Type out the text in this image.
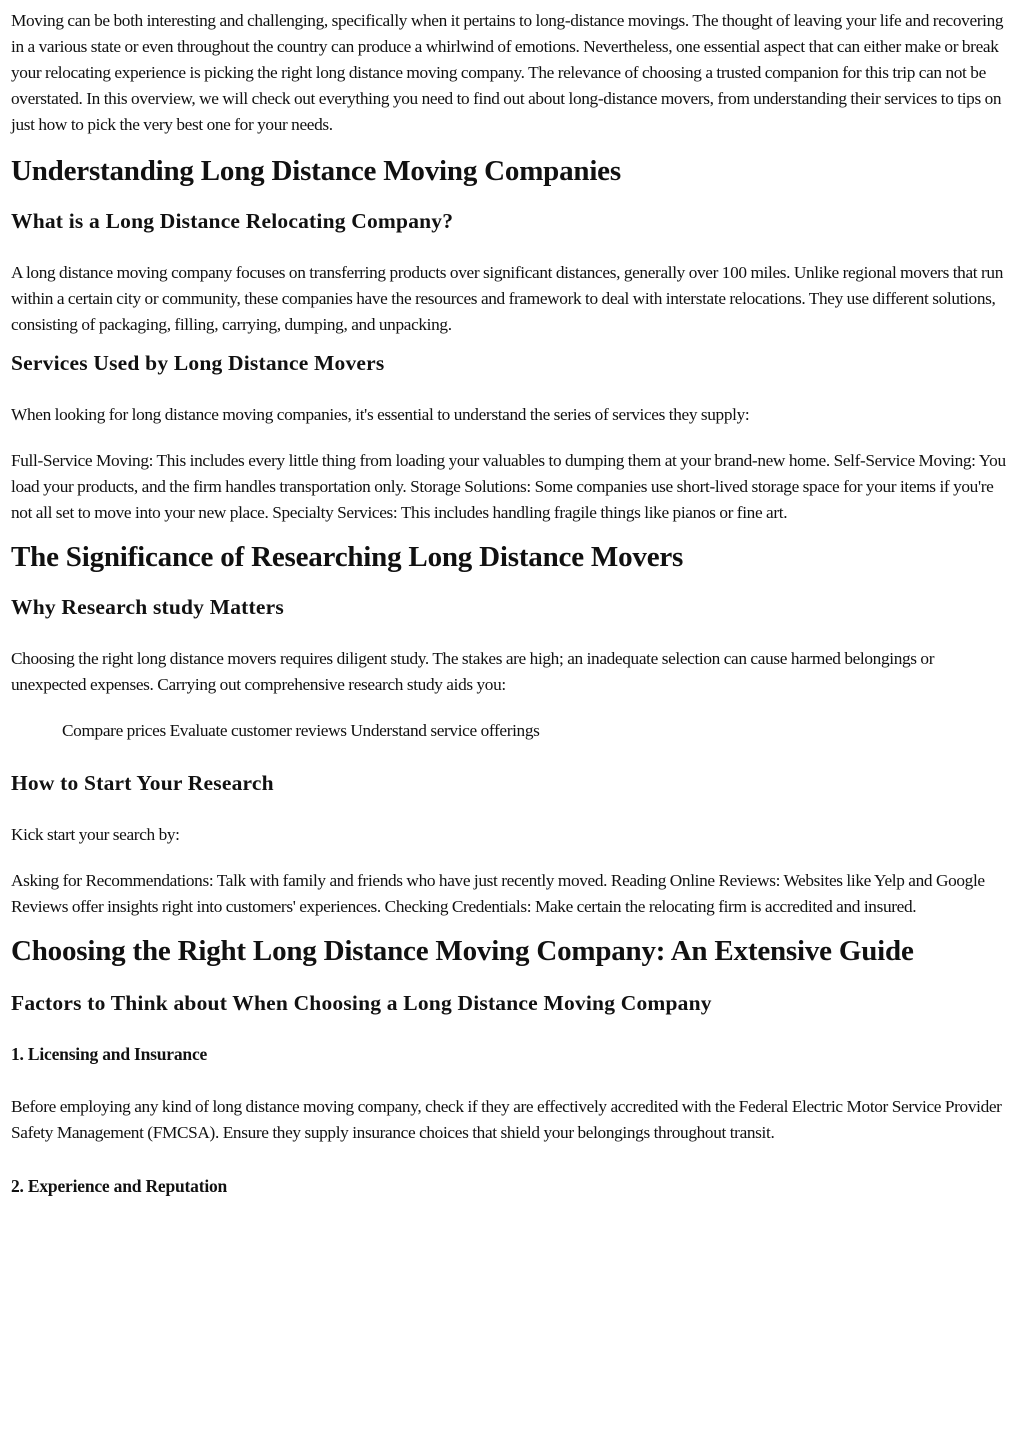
Moving can be both interesting and challenging, specifically when it pertains to long-distance movings. The thought of leaving your life and recovering in a various state or even throughout the country can produce a whirlwind of emotions. Nevertheless, one essential aspect that can either make or break your relocating experience is picking the right long distance moving company. The relevance of choosing a trusted companion for this trip can not be overstated. In this overview, we will check out everything you need to find out about long-distance movers, from understanding their services to tips on just how to pick the very best one for your needs.

Understanding Long Distance Moving Companies
What is a Long Distance Relocating Company?

A long distance moving company focuses on transferring products over significant distances, generally over 100 miles. Unlike regional movers that run within a certain city or community, these companies have the resources and framework to deal with interstate relocations. They use different solutions, consisting of packaging, filling, carrying, dumping, and unpacking.

Services Used by Long Distance Movers

When looking for long distance moving companies, it's essential to understand the series of services they supply:

Full-Service Moving: This includes every little thing from loading your valuables to dumping them at your brand-new home. Self-Service Moving: You load your products, and the firm handles transportation only. Storage Solutions: Some companies use short-lived storage space for your items if you're not all set to move into your new place. Specialty Services: This includes handling fragile things like pianos or fine art.

The Significance of Researching Long Distance Movers
Why Research study Matters

Choosing the right long distance movers requires diligent study. The stakes are high; an inadequate selection can cause harmed belongings or unexpected expenses. Carrying out comprehensive research study aids you:

Compare prices Evaluate customer reviews Understand service offerings

How to Start Your Research

Kick start your search by:

Asking for Recommendations: Talk with family and friends who have just recently moved. Reading Online Reviews: Websites like Yelp and Google Reviews offer insights right into customers' experiences. Checking Credentials: Make certain the relocating firm is accredited and insured.

Choosing the Right Long Distance Moving Company: An Extensive Guide
Factors to Think about When Choosing a Long Distance Moving Company
1. Licensing and Insurance

Before employing any kind of long distance moving company, check if they are effectively accredited with the Federal Electric Motor Service Provider Safety Management (FMCSA). Ensure they supply insurance choices that shield your belongings throughout transit.

2. Experience and Reputation
